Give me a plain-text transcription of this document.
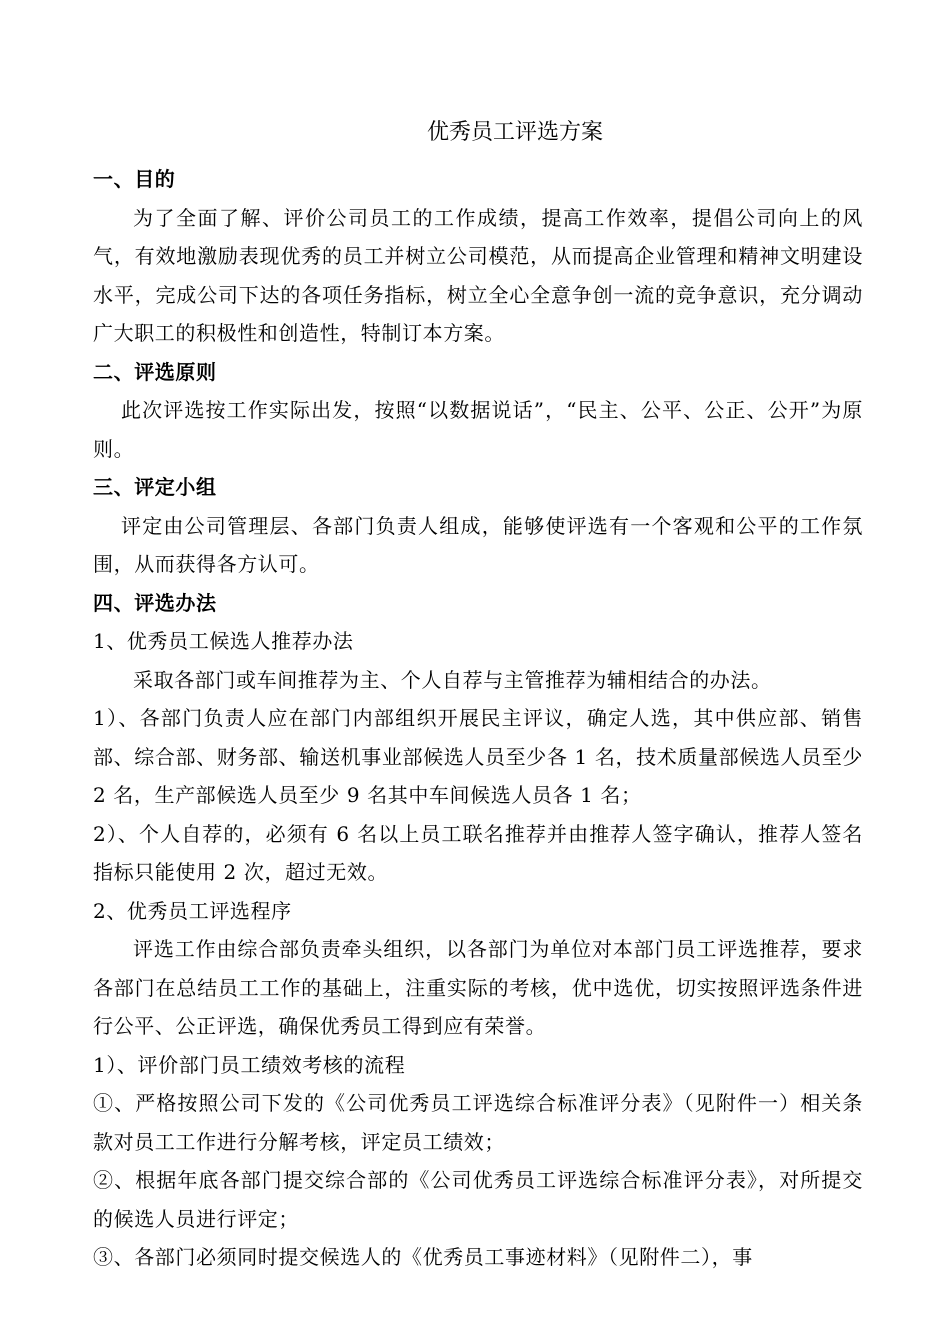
优秀员工评选方案

一、目的

为了全面了解、评价公司员工的工作成绩，提高工作效率，提倡公司向上的风气，有效地激励表现优秀的员工并树立公司模范，从而提高企业管理和精神文明建设水平，完成公司下达的各项任务指标，树立全心全意争创一流的竞争意识，充分调动广大职工的积极性和创造性，特制订本方案。

二、评选原则

此次评选按工作实际出发，按照“以数据说话”，“民主、公平、公正、公开”为原则。

三、评定小组

评定由公司管理层、各部门负责人组成，能够使评选有一个客观和公平的工作氛围，从而获得各方认可。

四、评选办法

1、优秀员工候选人推荐办法

采取各部门或车间推荐为主、个人自荐与主管推荐为辅相结合的办法。

1）、各部门负责人应在部门内部组织开展民主评议，确定人选，其中供应部、销售部、综合部、财务部、输送机事业部候选人员至少各 1 名，技术质量部候选人员至少 2 名，生产部候选人员至少 9 名其中车间候选人员各 1 名；

2）、个人自荐的，必须有 6 名以上员工联名推荐并由推荐人签字确认，推荐人签名指标只能使用 2 次，超过无效。

2、优秀员工评选程序

评选工作由综合部负责牵头组织，以各部门为单位对本部门员工评选推荐，要求各部门在总结员工工作的基础上，注重实际的考核，优中选优，切实按照评选条件进行公平、公正评选，确保优秀员工得到应有荣誉。

1）、评价部门员工绩效考核的流程

①、严格按照公司下发的《公司优秀员工评选综合标准评分表》（见附件一）相关条款对员工工作进行分解考核，评定员工绩效；

②、根据年底各部门提交综合部的《公司优秀员工评选综合标准评分表》，对所提交的候选人员进行评定；

③、各部门必须同时提交候选人的《优秀员工事迹材料》（见附件二），事
